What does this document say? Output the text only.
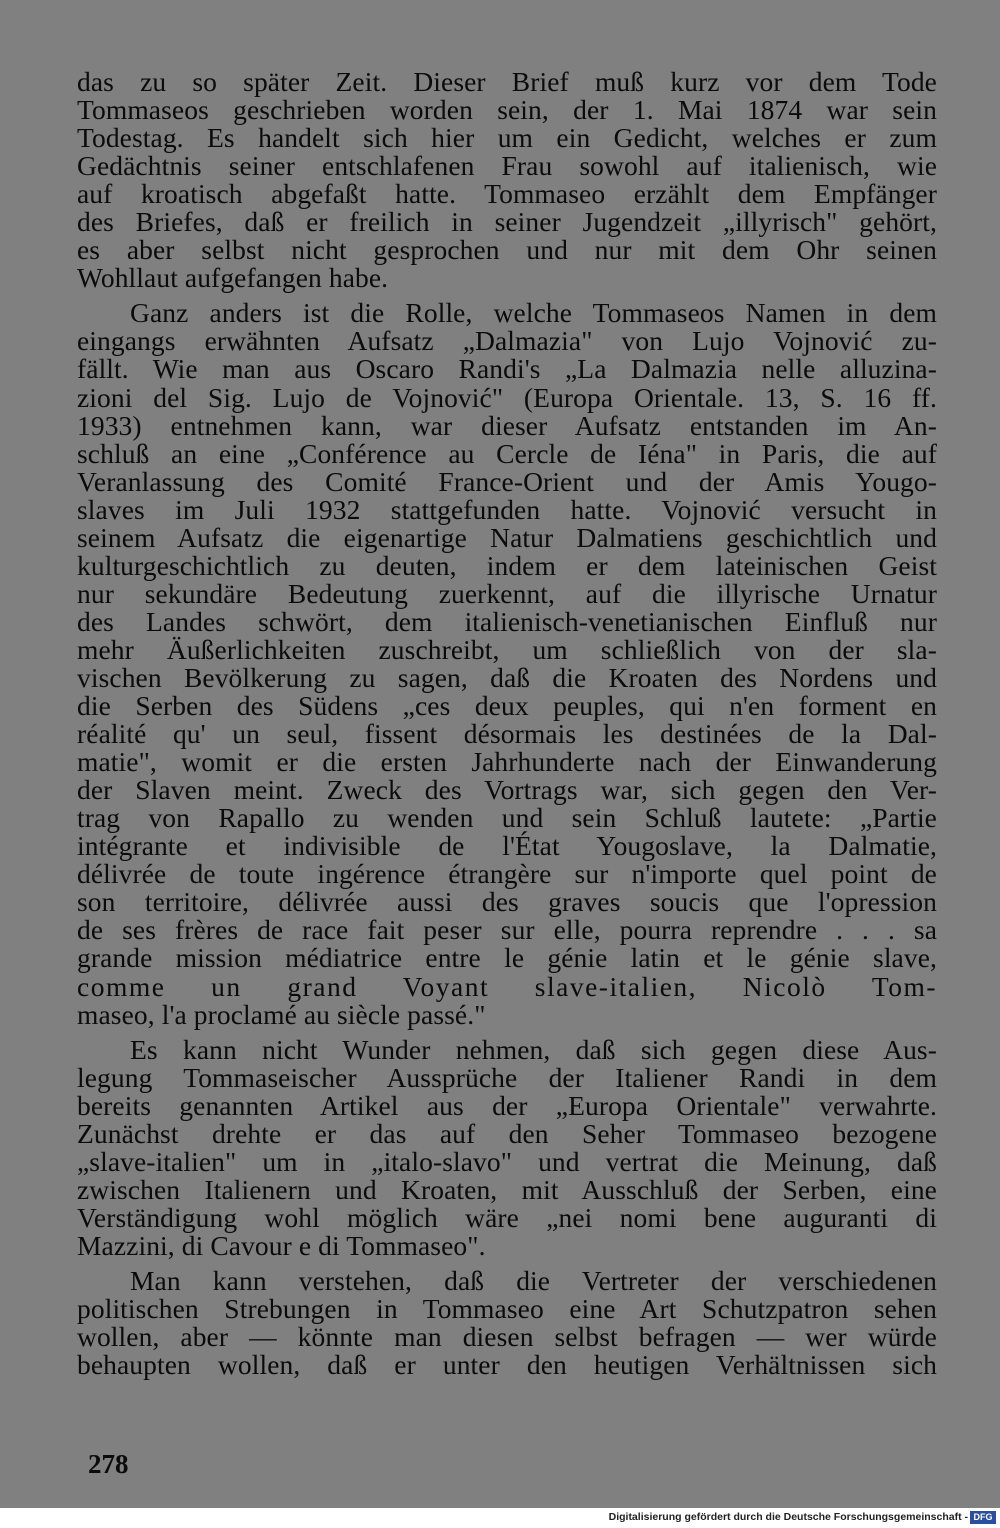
das zu so später Zeit. Dieser Brief muß kurz vor dem Tode
Tommaseos geschrieben worden sein, der 1. Mai 1874 war sein
Todestag. Es handelt sich hier um ein Gedicht, welches er zum
Gedächtnis seiner entschlafenen Frau sowohl auf italienisch, wie
auf kroatisch abgefaßt hatte. Tommaseo erzählt dem Empfänger
des Briefes, daß er freilich in seiner Jugendzeit „illyrisch" gehört,
es aber selbst nicht gesprochen und nur mit dem Ohr seinen
Wohllaut aufgefangen habe.
Ganz anders ist die Rolle, welche Tommaseos Namen in dem
eingangs erwähnten Aufsatz „Dalmazia" von Lujo Vojnović zu-
fällt. Wie man aus Oscaro Randi's „La Dalmazia nelle alluzina-
zioni del Sig. Lujo de Vojnović" (Europa Orientale. 13, S. 16 ff.
1933) entnehmen kann, war dieser Aufsatz entstanden im An-
schluß an eine „Conférence au Cercle de Iéna" in Paris, die auf
Veranlassung des Comité France-Orient und der Amis Yougo-
slaves im Juli 1932 stattgefunden hatte. Vojnović versucht in
seinem Aufsatz die eigenartige Natur Dalmatiens geschichtlich und
kulturgeschichtlich zu deuten, indem er dem lateinischen Geist
nur sekundäre Bedeutung zuerkennt, auf die illyrische Urnatur
des Landes schwört, dem italienisch-venetianischen Einfluß nur
mehr Äußerlichkeiten zuschreibt, um schließlich von der sla-
vischen Bevölkerung zu sagen, daß die Kroaten des Nordens und
die Serben des Südens „ces deux peuples, qui n'en forment en
réalité qu' un seul, fissent désormais les destinées de la Dal-
matie", womit er die ersten Jahrhunderte nach der Einwanderung
der Slaven meint. Zweck des Vortrags war, sich gegen den Ver-
trag von Rapallo zu wenden und sein Schluß lautete: „Partie
intégrante et indivisible de l'État Yougoslave, la Dalmatie,
délivrée de toute ingérence étrangère sur n'importe quel point de
son territoire, délivrée aussi des graves soucis que l'opression
de ses frères de race fait peser sur elle, pourra reprendre . . . sa
grande mission médiatrice entre le génie latin et le génie slave,
comme un grand Voyant slave-italien, Nicolò Tom-
maseo, l'a proclamé au siècle passé."
Es kann nicht Wunder nehmen, daß sich gegen diese Aus-
legung Tommaseischer Aussprüche der Italiener Randi in dem
bereits genannten Artikel aus der „Europa Orientale" verwahrte.
Zunächst drehte er das auf den Seher Tommaseo bezogene
„slave-italien" um in „italo-slavo" und vertrat die Meinung, daß
zwischen Italienern und Kroaten, mit Ausschluß der Serben, eine
Verständigung wohl möglich wäre „nei nomi bene auguranti di
Mazzini, di Cavour e di Tommaseo".
Man kann verstehen, daß die Vertreter der verschiedenen
politischen Strebungen in Tommaseo eine Art Schutzpatron sehen
wollen, aber — könnte man diesen selbst befragen — wer würde
behaupten wollen, daß er unter den heutigen Verhältnissen sich
278
Digitalisierung gefördert durch die Deutsche Forschungsgemeinschaft - DFG
